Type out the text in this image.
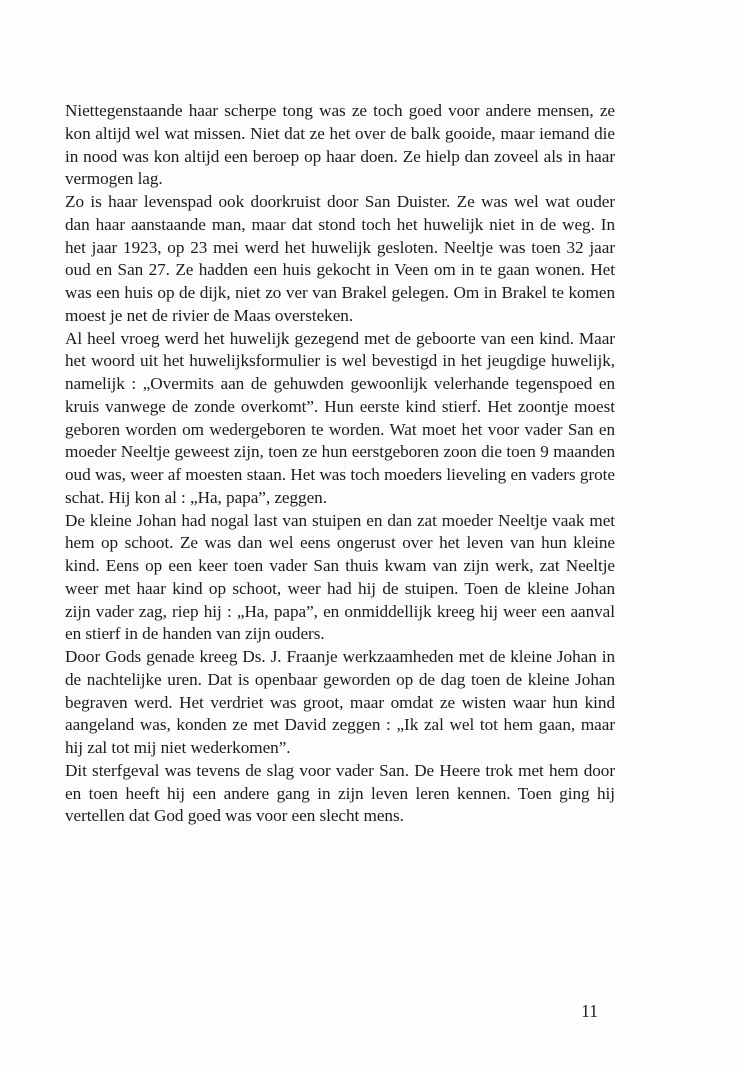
Niettegenstaande haar scherpe tong was ze toch goed voor andere mensen, ze kon altijd wel wat missen. Niet dat ze het over de balk gooide, maar iemand die in nood was kon altijd een beroep op haar doen. Ze hielp dan zoveel als in haar vermogen lag.

Zo is haar levenspad ook doorkruist door San Duister. Ze was wel wat ouder dan haar aanstaande man, maar dat stond toch het huwelijk niet in de weg. In het jaar 1923, op 23 mei werd het huwelijk gesloten. Neeltje was toen 32 jaar oud en San 27. Ze hadden een huis gekocht in Veen om in te gaan wonen. Het was een huis op de dijk, niet zo ver van Brakel gelegen. Om in Brakel te komen moest je net de rivier de Maas oversteken.

Al heel vroeg werd het huwelijk gezegend met de geboorte van een kind. Maar het woord uit het huwelijksformulier is wel bevestigd in het jeugdige huwelijk, namelijk : „Overmits aan de gehuwden gewoonlijk velerhande tegenspoed en kruis vanwege de zonde overkomt”. Hun eerste kind stierf. Het zoontje moest geboren worden om wedergeboren te worden. Wat moet het voor vader San en moeder Neeltje geweest zijn, toen ze hun eerstgeboren zoon die toen 9 maanden oud was, weer af moesten staan. Het was toch moeders lieveling en vaders grote schat. Hij kon al : „Ha, papa”, zeggen.

De kleine Johan had nogal last van stuipen en dan zat moeder Neeltje vaak met hem op schoot. Ze was dan wel eens ongerust over het leven van hun kleine kind. Eens op een keer toen vader San thuis kwam van zijn werk, zat Neeltje weer met haar kind op schoot, weer had hij de stuipen. Toen de kleine Johan zijn vader zag, riep hij : „Ha, papa”, en onmiddellijk kreeg hij weer een aanval en stierf in de handen van zijn ouders.

Door Gods genade kreeg Ds. J. Fraanje werkzaamheden met de kleine Johan in de nachtelijke uren. Dat is openbaar geworden op de dag toen de kleine Johan begraven werd. Het verdriet was groot, maar omdat ze wisten waar hun kind aangeland was, konden ze met David zeggen : „Ik zal wel tot hem gaan, maar hij zal tot mij niet wederkomen”.

Dit sterfgeval was tevens de slag voor vader San. De Heere trok met hem door en toen heeft hij een andere gang in zijn leven leren kennen. Toen ging hij vertellen dat God goed was voor een slecht mens.

11
